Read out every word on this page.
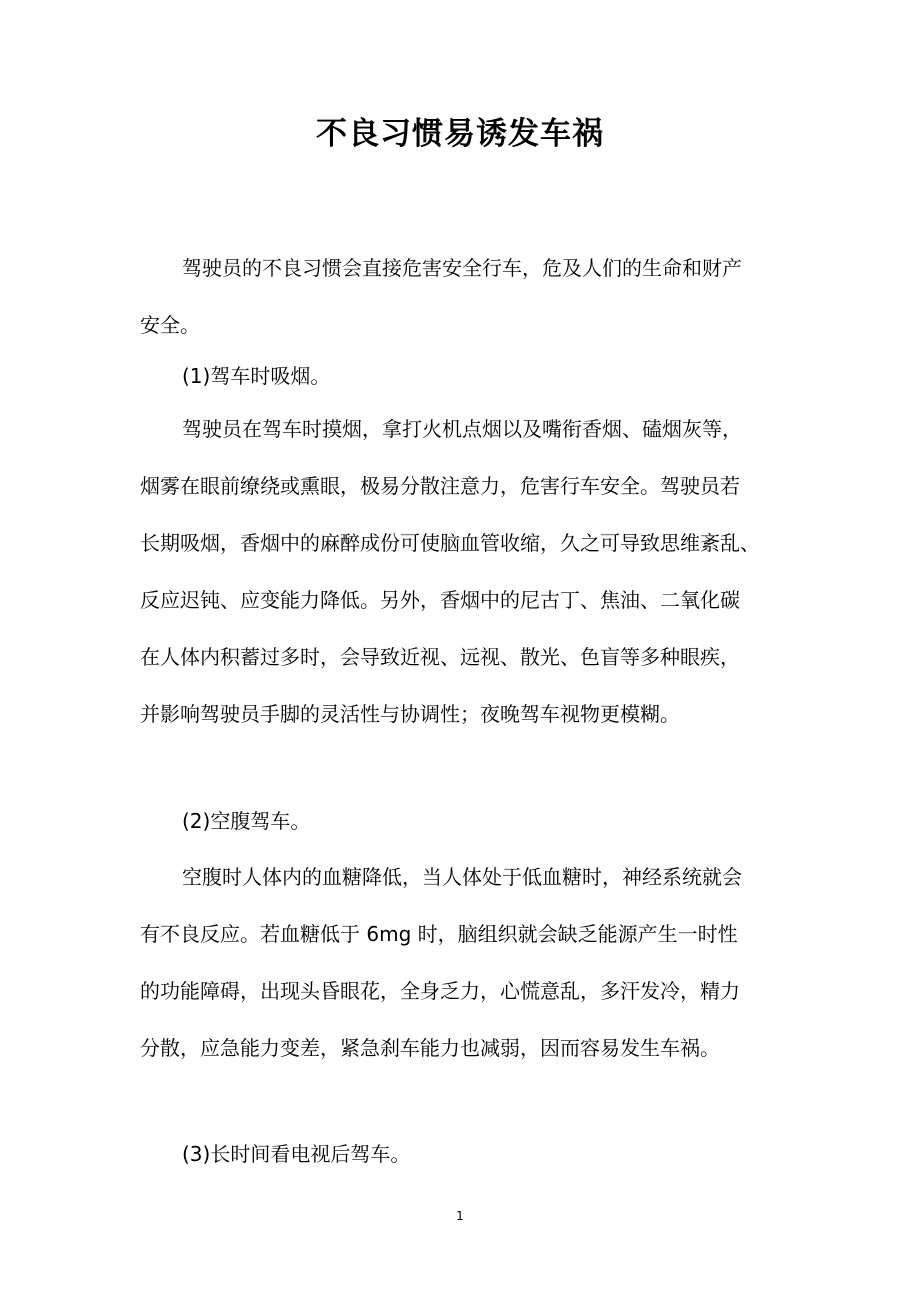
不良习惯易诱发车祸

驾驶员的不良习惯会直接危害安全行车，危及人们的生命和财产
安全。

(1)驾车时吸烟。

驾驶员在驾车时摸烟，拿打火机点烟以及嘴衔香烟、磕烟灰等，
烟雾在眼前缭绕或熏眼，极易分散注意力，危害行车安全。驾驶员若
长期吸烟，香烟中的麻醉成份可使脑血管收缩，久之可导致思维紊乱、
反应迟钝、应变能力降低。另外，香烟中的尼古丁、焦油、二氧化碳
在人体内积蓄过多时，会导致近视、远视、散光、色盲等多种眼疾，
并影响驾驶员手脚的灵活性与协调性；夜晚驾车视物更模糊。

(2)空腹驾车。

空腹时人体内的血糖降低，当人体处于低血糖时，神经系统就会
有不良反应。若血糖低于 6mg 时，脑组织就会缺乏能源产生一时性
的功能障碍，出现头昏眼花，全身乏力，心慌意乱，多汗发冷，精力
分散，应急能力变差，紧急刹车能力也减弱，因而容易发生车祸。

(3)长时间看电视后驾车。

1
